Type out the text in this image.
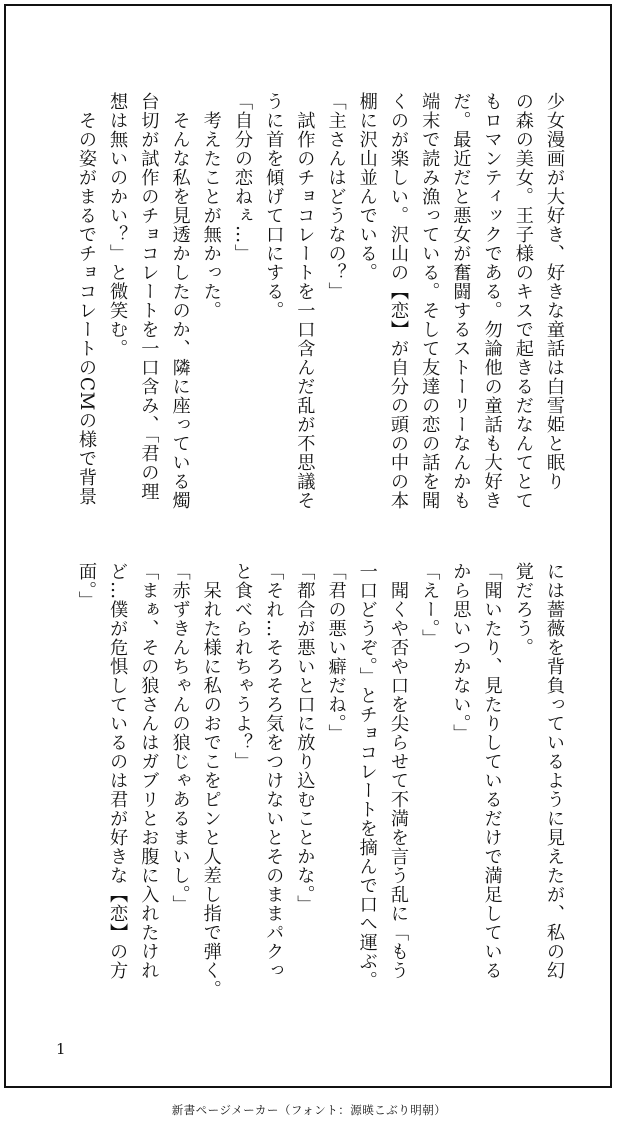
少女漫画が大好き、好きな童話は白雪姫と眠り
の森の美女。王子様のキスで起きるだなんてとて
もロマンティックである。勿論他の童話も大好き
だ。最近だと悪女が奮闘するストーリーなんかも
端末で読み漁っている。そして友達の恋の話を聞
くのが楽しい。沢山の【恋】が自分の頭の中の本
棚に沢山並んでいる。
「主さんはどうなの？」
　試作のチョコレートを一口含んだ乱が不思議そ
うに首を傾げて口にする。
「自分の恋ねぇ…」
　考えたことが無かった。
　そんな私を見透かしたのか、隣に座っている燭
台切が試作のチョコレートを一口含み、「君の理
想は無いのかい？」と微笑む。
　その姿がまるでチョコレートのCMの様で背景
には薔薇を背負っているように見えたが、私の幻
覚だろう。
「聞いたり、見たりしているだけで満足している
から思いつかない。」
「えー。」
　聞くや否や口を尖らせて不満を言う乱に「もう
一口どうぞ。」とチョコレートを摘んで口へ運ぶ。
「君の悪い癖だね。」
「都合が悪いと口に放り込むことかな。」
「それ…そろそろ気をつけないとそのままパクっ
と食べられちゃうよ？」
　呆れた様に私のおでこをピンと人差し指で弾く。
「赤ずきんちゃんの狼じゃあるまいし。」
「まぁ、その狼さんはガブリとお腹に入れたけれ
ど…僕が危惧しているのは君が好きな【恋】の方
面。」
1
新書ページメーカー（フォント：源暎こぶり明朝）
